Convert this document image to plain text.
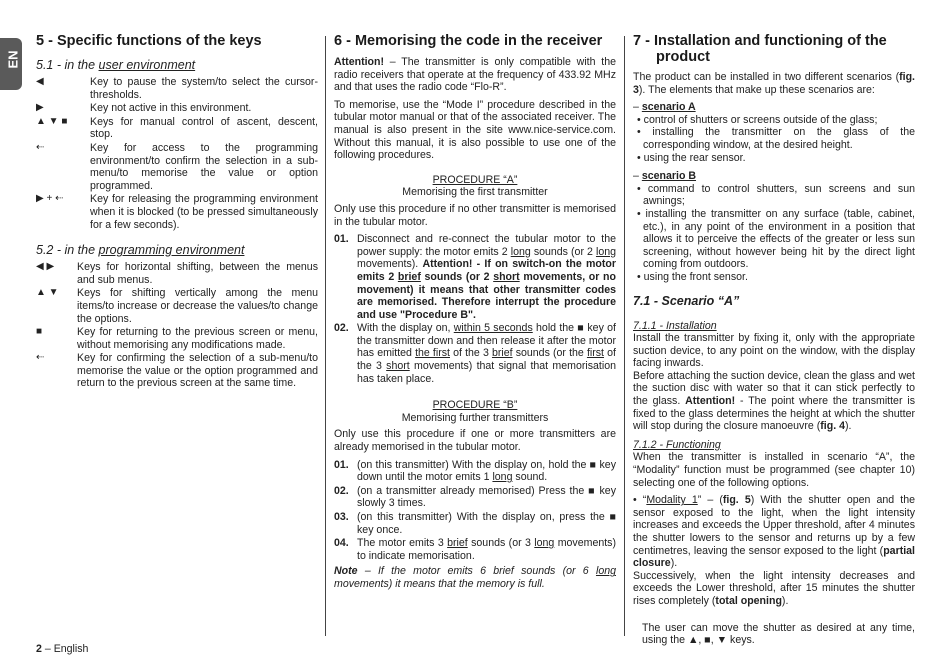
EN
5 - Specific functions of the keys
5.1 - in the user environment
◀	Key to pause the system/to select the cursor-thresholds.
▶	Key not active in this environment.
▲ ▼ ■	Keys for manual control of ascent, descent, stop.
⇠	Key for access to the programming environment/to confirm the selection in a sub-menu/to memorise the value or option programmed.
▶ + ⇠	Key for releasing the programming environment when it is blocked (to be pressed simultaneously for a few seconds).
5.2 - in the programming environment
◀ ▶	Keys for horizontal shifting, between the menus and sub menus.
▲ ▼	Keys for shifting vertically among the menu items/to increase or decrease the values/to change the options.
■	Key for returning to the previous screen or menu, without memorising any modifications made.
⇠	Key for confirming the selection of a sub-menu/to memorise the value or the option programmed and return to the previous screen at the same time.
6 - Memorising the code in the receiver

Attention! – The transmitter is only compatible with the radio receivers that operate at the frequency of 433.92 MHz and that uses the radio code “Flo-R”.

To memorise, use the “Mode I” procedure described in the tubular motor manual or that of the associated receiver. The manual is also present in the site www.nice-service.com. Without this manual, it is also possible to use one of the following procedures.

PROCEDURE “A”
Memorising the first transmitter

Only use this procedure if no other transmitter is memorised in the tubular motor.

01. Disconnect and re-connect the tubular motor to the power supply: the motor emits 2 long sounds (or 2 long movements). Attention! - If on switch-on the motor emits 2 brief sounds (or 2 short movements, or no movement) it means that other transmitter codes are memorised. Therefore interrupt the procedure and use "Procedure B".
02. With the display on, within 5 seconds hold the ■ key of the transmitter down and then release it after the motor has emitted the first of the 3 brief sounds (or the first of the 3 short movements) that signal that memorisation has taken place.
PROCEDURE “B”
Memorising further transmitters

Only use this procedure if one or more transmitters are already memorised in the tubular motor.

01. (on this transmitter) With the display on, hold the ■ key down until the motor emits 1 long sound.
02. (on a transmitter already memorised) Press the ■ key slowly 3 times.
03. (on this transmitter) With the display on, press the ■ key once.
04. The motor emits 3 brief sounds (or 3 long movements) to indicate memorisation.

Note – If the motor emits 6 brief sounds (or 6 long movements) it means that the memory is full.

7 - Installation and functioning of the product

The product can be installed in two different scenarios (fig. 3). The elements that make up these scenarios are:

– scenario A
• control of shutters or screens outside of the glass;
• installing the transmitter on the glass of the corresponding window, at the desired height.
• using the rear sensor.
– scenario B
• command to control shutters, sun screens and sun awnings;
• installing the transmitter on any surface (table, cabinet, etc.), in any point of the environment in a position that allows it to perceive the effects of the greater or less sun screening, without however being hit by the direct light coming from outdoors.
• using the front sensor.
7.1 - Scenario “A”
7.1.1 - Installation

Install the transmitter by fixing it, only with the appropriate suction device, to any point on the window, with the display facing inwards.

Before attaching the suction device, clean the glass and wet the suction disc with water so that it can stick perfectly to the glass. Attention! - The point where the transmitter is fixed to the glass determines the height at which the shutter will stop during the closure manoeuvre (fig. 4).

7.1.2 - Functioning

When the transmitter is installed in scenario “A”, the “Modality” function must be programmed (see chapter 10) selecting one of the following options.

• “Modality 1” – (fig. 5) With the shutter open and the sensor exposed to the light, when the light intensity increases and exceeds the Upper threshold, after 4 minutes the shutter lowers to the sensor and returns up by a few centimetres, leaving the sensor exposed to the light (partial closure).

Successively, when the light intensity decreases and exceeds the Lower threshold, after 15 minutes the shutter rises completely (total opening).

The user can move the shutter as desired at any time, using the ▲, ■, ▼ keys.

2 – English
